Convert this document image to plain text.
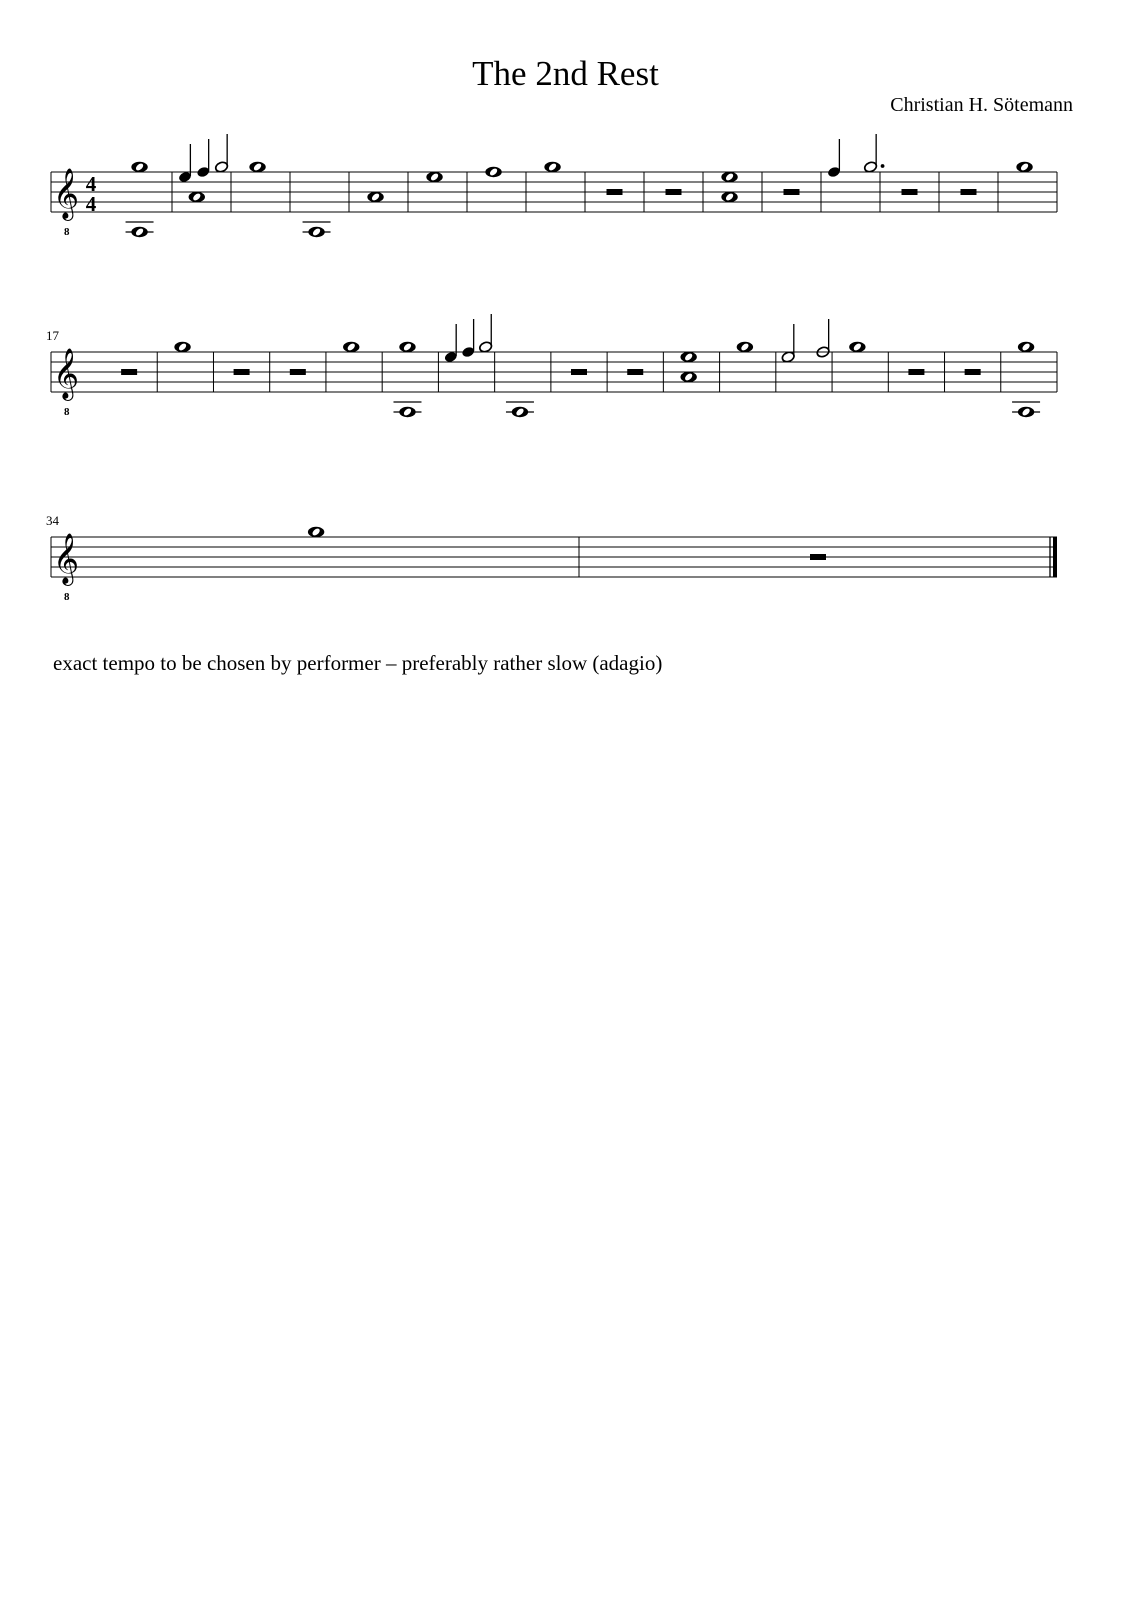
The 2nd Rest
Christian H. Sötemann
𝄞
8
4
4
17
𝄞
8
34
𝄞
8
exact tempo to be chosen by performer – preferably rather slow (adagio)
